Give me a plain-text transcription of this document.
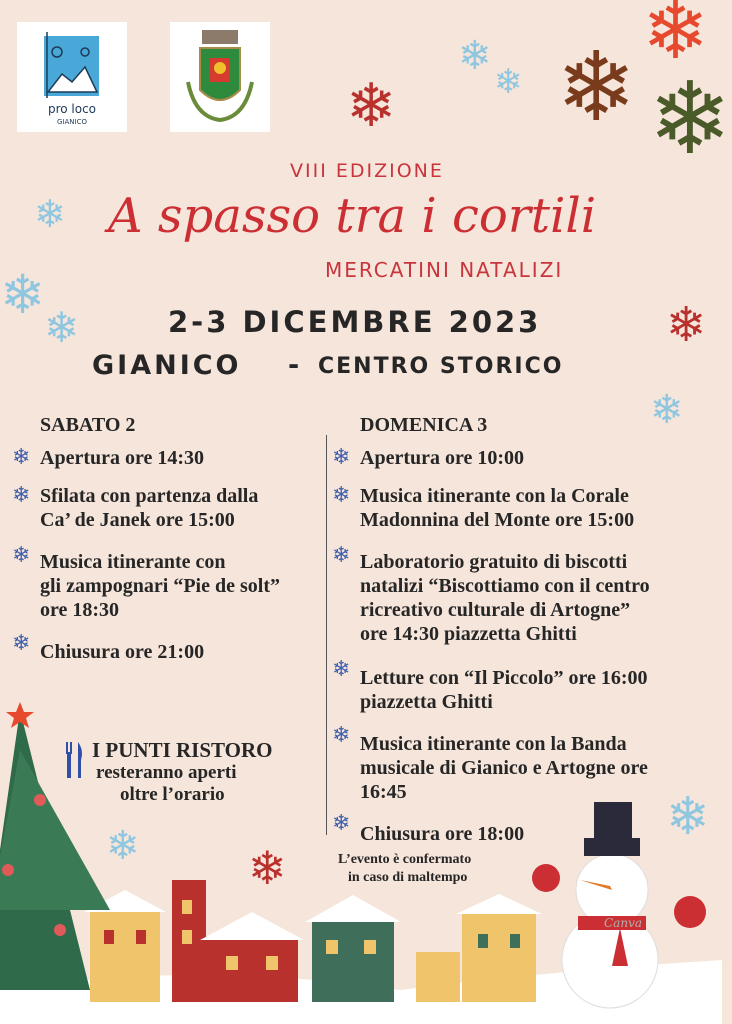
pro loco
GIANICO
❄
❄ ❄
❄
❄
❄
❄
❄
❄
❄
❄
❄
❄ ❄
VIII EDIZIONE
A spasso tra i cortili
MERCATINI NATALIZI
2-3 DICEMBRE 2023
GIANICO - CENTRO STORICO
SABATO 2
❄ Apertura ore 14:30
❄ Sfilata con partenza dalla
Ca’ de Janek ore 15:00
❄ Musica itinerante con
gli zampognari “Pie de solt”
ore 18:30
❄ Chiusura ore 21:00
DOMENICA 3
❄ Apertura ore 10:00
❄ Musica itinerante con la Corale
Madonnina del Monte ore 15:00
❄ Laboratorio gratuito di biscotti
natalizi “Biscottiamo con il centro
ricreativo culturale di Artogne”
ore 14:30 piazzetta Ghitti
❄ Letture con “Il Piccolo” ore 16:00
piazzetta Ghitti
❄ Musica itinerante con la Banda
musicale di Gianico e Artogne ore
16:45
❄ Chiusura ore 18:00
I PUNTI RISTORO
resteranno aperti
oltre l’orario
L’evento è confermato
in caso di maltempo
Canva
